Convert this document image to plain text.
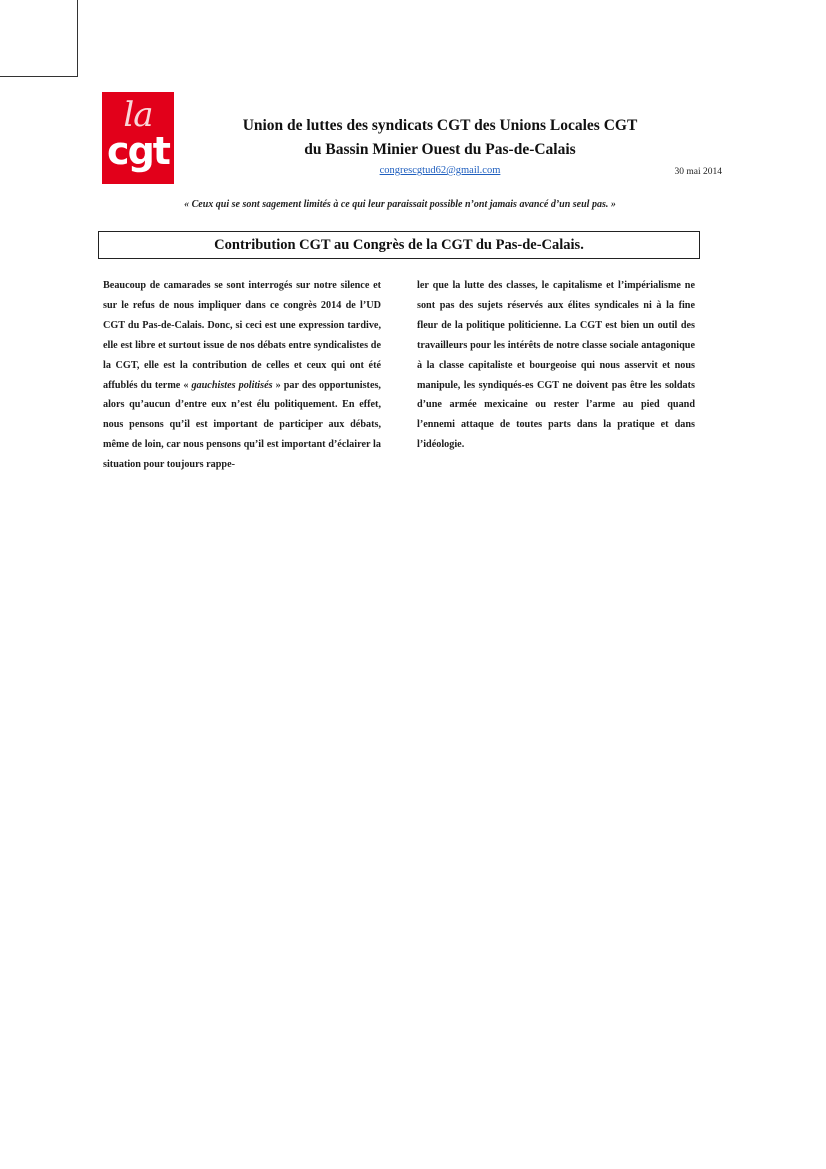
la
cgt
Union de luttes des syndicats CGT des Unions Locales CGT
du Bassin Minier Ouest du Pas-de-Calais
congrescgtud62@gmail.com	30 mai 2014
« Ceux qui se sont sagement limités à ce qui leur paraissait possible n’ont jamais avancé d’un seul pas. »
Contribution CGT au Congrès de la CGT du Pas-de-Calais.

Beaucoup de camarades se sont interrogés sur notre silence et sur le refus de nous impliquer dans ce congrès 2014 de l’UD CGT du Pas-de-Calais. Donc, si ceci est une expression tardive, elle est libre et surtout issue de nos débats entre syndicalistes de la CGT, elle est la contribution de celles et ceux qui ont été affublés du terme « gauchistes politisés » par des opportunistes, alors qu’aucun d’entre eux n’est élu politiquement. En effet, nous pensons qu’il est important de participer aux débats, même de loin, car nous pensons qu’il est important d’éclairer la situation pour toujours rappe-

ler que la lutte des classes, le capitalisme et l’impérialisme ne sont pas des sujets réservés aux élites syndicales ni à la fine fleur de la politique politicienne. La CGT est bien un outil des travailleurs pour les intérêts de notre classe sociale antagonique à la classe capitaliste et bourgeoise qui nous asservit et nous manipule, les syndiqués-es CGT ne doivent pas être les soldats d’une armée mexicaine ou rester l’arme au pied quand l’ennemi attaque de toutes parts dans la pratique et dans l’idéologie.
